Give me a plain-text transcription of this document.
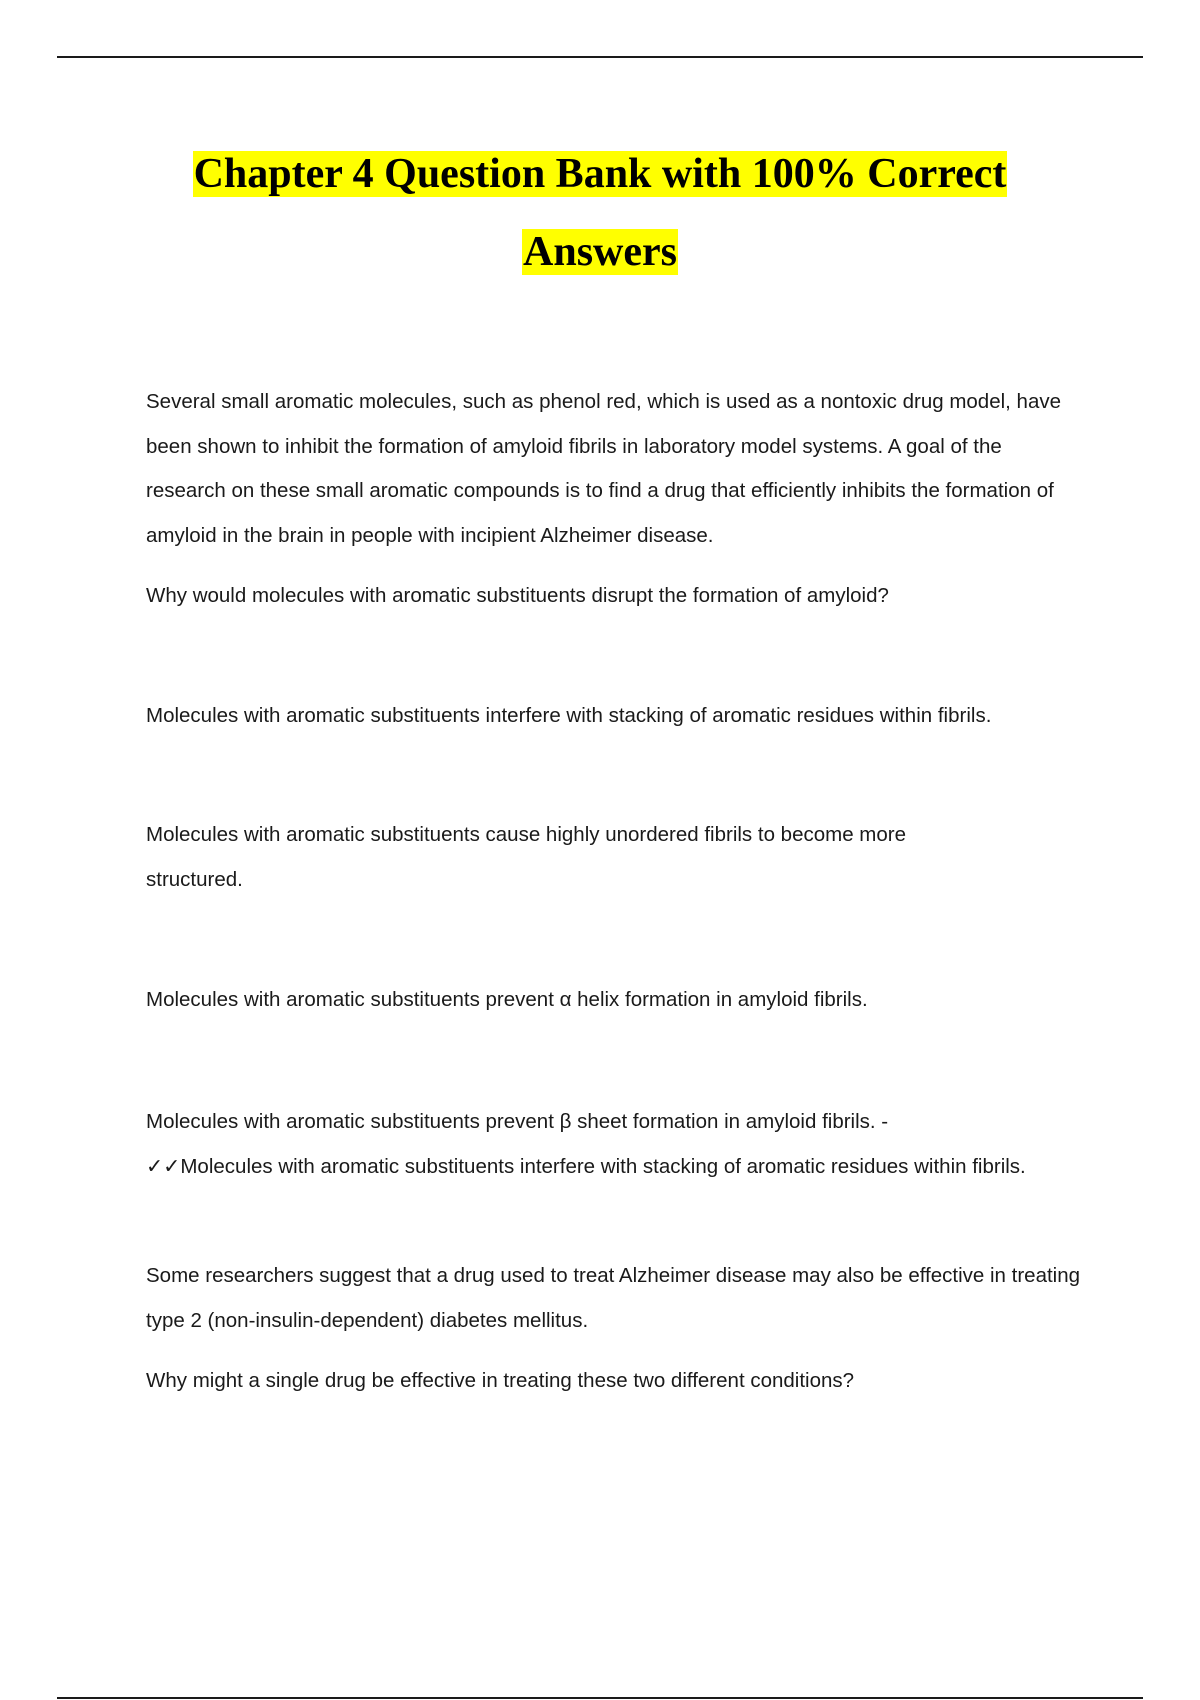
Chapter 4 Question Bank with 100% Correct
Answers
Several small aromatic molecules, such as phenol red, which is used as a nontoxic drug model, have been shown to inhibit the formation of amyloid fibrils in laboratory model systems. A goal of the research on these small aromatic compounds is to find a drug that efficiently inhibits the formation of amyloid in the brain in people with incipient Alzheimer disease.
Why would molecules with aromatic substituents disrupt the formation of amyloid?
Molecules with aromatic substituents interfere with stacking of aromatic residues within fibrils.
Molecules with aromatic substituents cause highly unordered fibrils to become more structured.
Molecules with aromatic substituents prevent α helix formation in amyloid fibrils.
Molecules with aromatic substituents prevent β sheet formation in amyloid fibrils. -
✓✓Molecules with aromatic substituents interfere with stacking of aromatic residues within fibrils.
Some researchers suggest that a drug used to treat Alzheimer disease may also be effective in treating type 2 (non-insulin-dependent) diabetes mellitus.
Why might a single drug be effective in treating these two different conditions?
